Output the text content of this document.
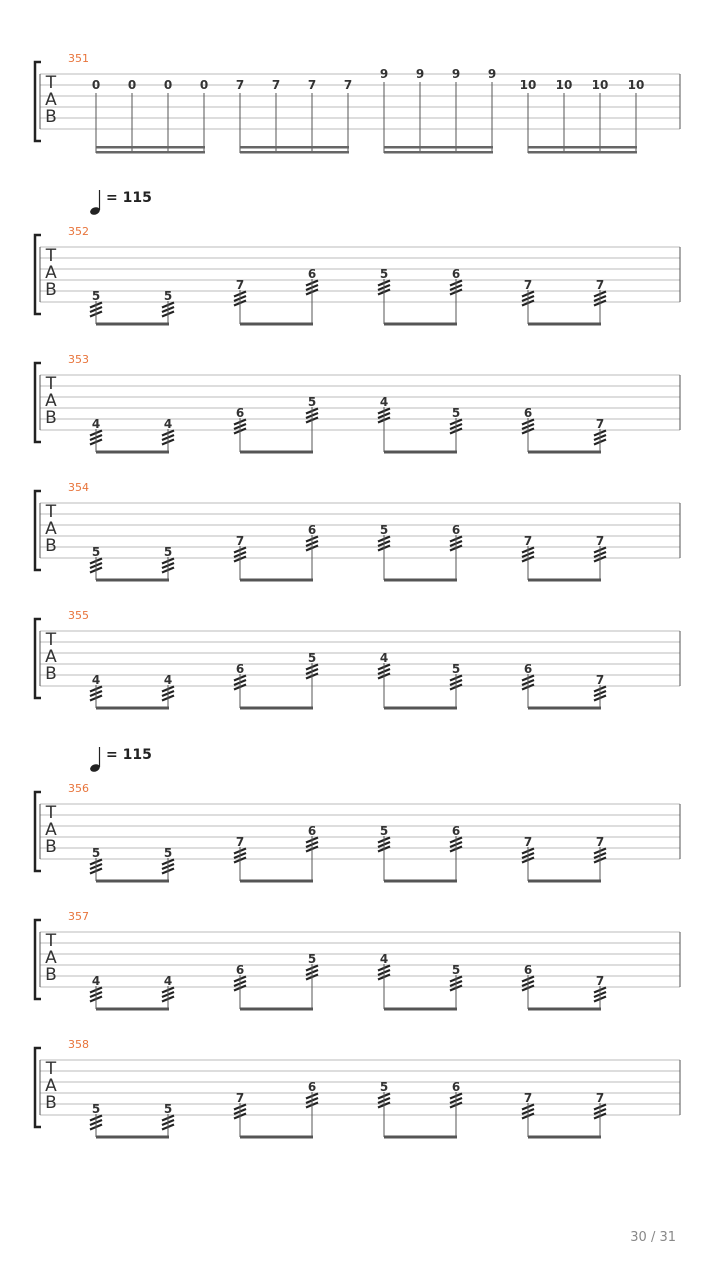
351
T
A
B
0 0 0 0 7 7 7 7
9 9 9 9
10 10 10 10
= 115
352
T
A
B	5	5
7
6	5	6
7	7
353
T
A
B	4	4
6
5	4
5	6
7
354
T
A
B	5	5
7
6	5	6
7	7
355
T
A
B	4	4
6
5	4
5	6
7
= 115
356
T
A
B	5	5
7
6	5	6
7	7
357
T
A
B	4	4
6
5	4
5	6
7
358
T
A
B	5	5
7
6	5	6
7	7
30 / 31
